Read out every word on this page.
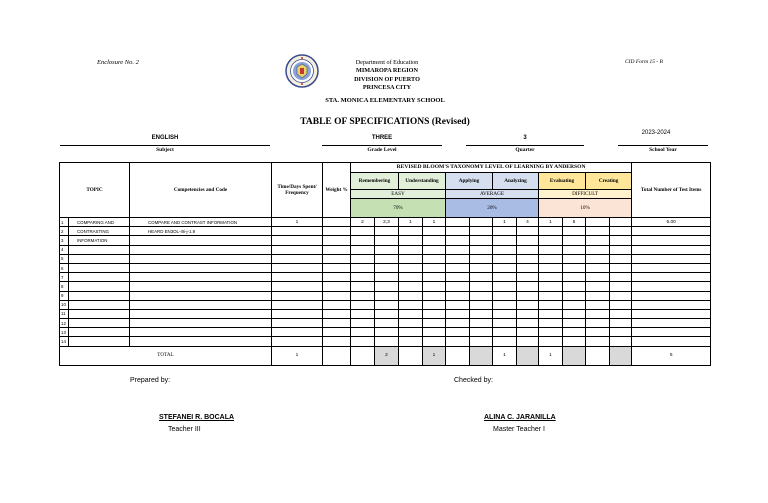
Enclosure No. 2	CID Form 15 - B
Department of Education
MIMAROPA REGION
DIVISION OF PUERTO PRINCESA CITY
STA. MONICA ELEMENTARY SCHOOL
TABLE OF SPECIFICATIONS (Revised)
ENGLISH
Subject
THREE
Grade Level
3
Quarter
2023-2024
School Year
TOPIC		Competencies and Code	Time/Days Spent/ Frequency	Weight %	REVISED BLOOM'S TAXONOMY LEVEL OF LEARNING BY ANDERSON												Total Number of Test Items
					Remembering		Understanding		Applying		Analyzing		Evaluating		Creating		
					EASY				AVERAGE				DIFFICULT				
					70%				20%				10%				
1	COMPARING AND	COMPARE AND CONTRAST INFORMATION	1		2	2,3	1	1			1	4	1	5			5.00
2	CONTRASTING	HEARD EN3OL-IIIi-j-1.9															
3	INFORMATION																
4																	
5																	
6																	
7																	
8																	
9																	
10																	
11																	
12																	
13																	
14																	
TOTAL			1			2		1			1		1				5
Prepared by:	Checked by:
STEFANEI R. BOCALA
Teacher III
ALINA C. JARANILLA
Master Teacher I
